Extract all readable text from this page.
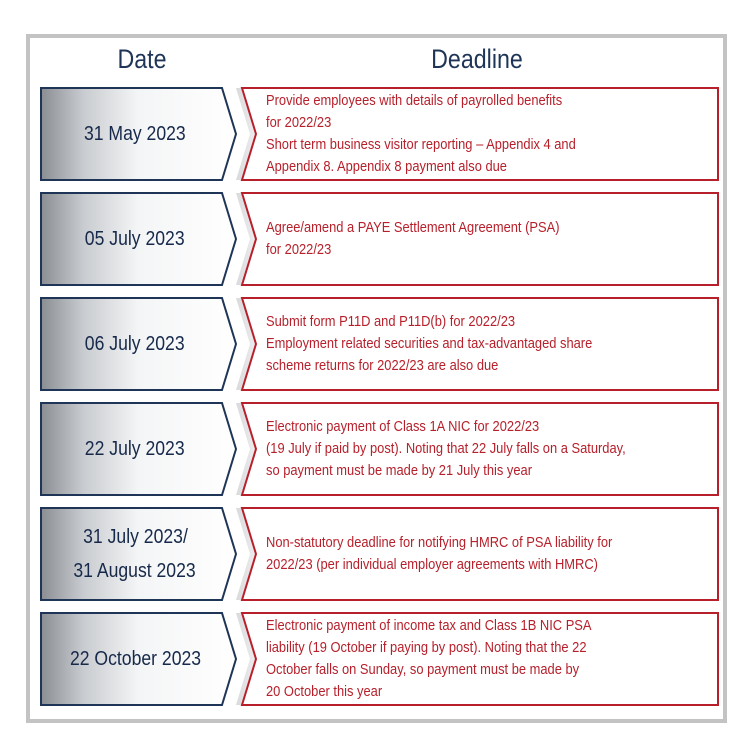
Date	Deadline
31 May 2023
Provide employees with details of payrolled benefits
for 2022/23
Short term business visitor reporting – Appendix 4 and
Appendix 8. Appendix 8 payment also due
05 July 2023
Agree/amend a PAYE Settlement Agreement (PSA)
for 2022/23
06 July 2023
Submit form P11D and P11D(b) for 2022/23
Employment related securities and tax-advantaged share
scheme returns for 2022/23 are also due
22 July 2023
Electronic payment of Class 1A NIC for 2022/23
(19 July if paid by post). Noting that 22 July falls on a Saturday,
so payment must be made by 21 July this year
31 July 2023/
31 August 2023
Non-statutory deadline for notifying HMRC of PSA liability for
2022/23 (per individual employer agreements with HMRC)
22 October 2023
Electronic payment of income tax and Class 1B NIC PSA
liability (19 October if paying by post). Noting that the 22
October falls on Sunday, so payment must be made by
20 October this year
